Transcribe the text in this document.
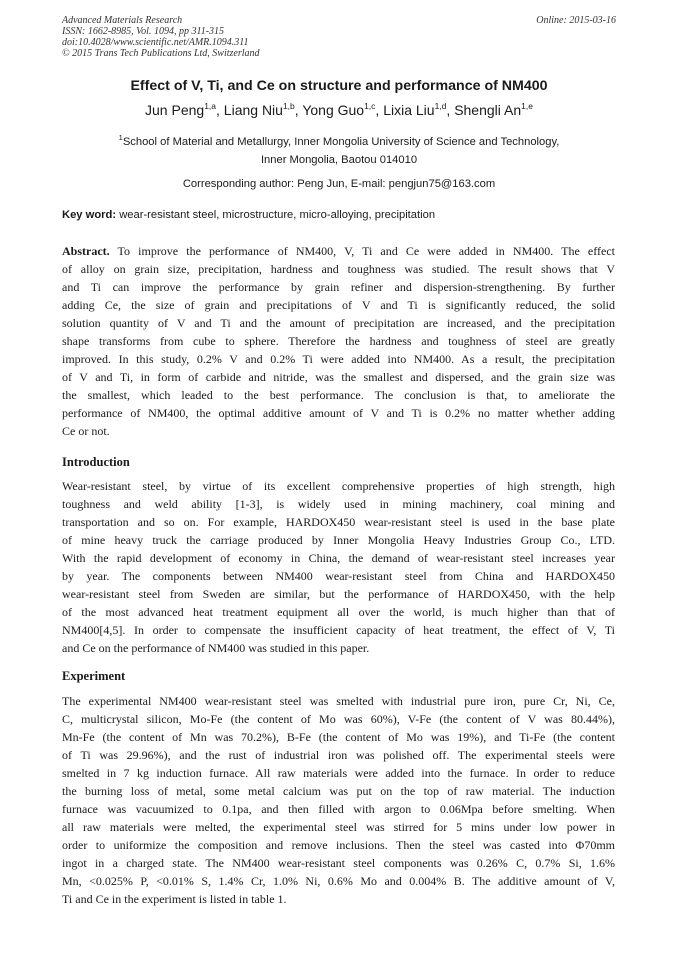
Advanced Materials Research
ISSN: 1662-8985, Vol. 1094, pp 311-315
doi:10.4028/www.scientific.net/AMR.1094.311
© 2015 Trans Tech Publications Ltd, Switzerland
Online: 2015-03-16
Effect of V, Ti, and Ce on structure and performance of NM400
Jun Peng$^{1,a}$, Liang Niu$^{1,b}$, Yong Guo$^{1,c}$, Lixia Liu$^{1,d}$, Shengli An$^{1,e}$
$^1$School of Material and Metallurgy, Inner Mongolia University of Science and Technology,
Inner Mongolia, Baotou 014010
Corresponding author: Peng Jun, E-mail: pengjun75@163.com
Key word: wear-resistant steel, microstructure, micro-alloying, precipitation
Abstract. To improve the performance of NM400, V, Ti and Ce were added in NM400. The effect
of alloy on grain size, precipitation, hardness and toughness was studied. The result shows that V
and Ti can improve the performance by grain refiner and dispersion-strengthening. By further
adding Ce, the size of grain and precipitations of V and Ti is significantly reduced, the solid
solution quantity of V and Ti and the amount of precipitation are increased, and the precipitation
shape transforms from cube to sphere. Therefore the hardness and toughness of steel are greatly
improved. In this study, 0.2% V and 0.2% Ti were added into NM400. As a result, the precipitation
of V and Ti, in form of carbide and nitride, was the smallest and dispersed, and the grain size was
the smallest, which leaded to the best performance. The conclusion is that, to ameliorate the
performance of NM400, the optimal additive amount of V and Ti is 0.2% no matter whether adding
Ce or not.
Introduction
Wear-resistant steel, by virtue of its excellent comprehensive properties of high strength, high
toughness and weld ability [1-3], is widely used in mining machinery, coal mining and
transportation and so on. For example, HARDOX450 wear-resistant steel is used in the base plate
of mine heavy truck the carriage produced by Inner Mongolia Heavy Industries Group Co., LTD.
With the rapid development of economy in China, the demand of wear-resistant steel increases year
by year. The components between NM400 wear-resistant steel from China and HARDOX450
wear-resistant steel from Sweden are similar, but the performance of HARDOX450, with the help
of the most advanced heat treatment equipment all over the world, is much higher than that of
NM400[4,5]. In order to compensate the insufficient capacity of heat treatment, the effect of V, Ti
and Ce on the performance of NM400 was studied in this paper.
Experiment
The experimental NM400 wear-resistant steel was smelted with industrial pure iron, pure Cr, Ni, Ce,
C, multicrystal silicon, Mo-Fe (the content of Mo was 60%), V-Fe (the content of V was 80.44%),
Mn-Fe (the content of Mn was 70.2%), B-Fe (the content of Mo was 19%), and Ti-Fe (the content
of Ti was 29.96%), and the rust of industrial iron was polished off. The experimental steels were
smelted in 7 kg induction furnace. All raw materials were added into the furnace. In order to reduce
the burning loss of metal, some metal calcium was put on the top of raw material. The induction
furnace was vacuumized to 0.1pa, and then filled with argon to 0.06Mpa before smelting. When
all raw materials were melted, the experimental steel was stirred for 5 mins under low power in
order to uniformize the composition and remove inclusions. Then the steel was casted into Φ70mm
ingot in a charged state. The NM400 wear-resistant steel components was 0.26% C, 0.7% Si, 1.6%
Mn, <0.025% P, <0.01% S, 1.4% Cr, 1.0% Ni, 0.6% Mo and 0.004% B. The additive amount of V,
Ti and Ce in the experiment is listed in table 1.
